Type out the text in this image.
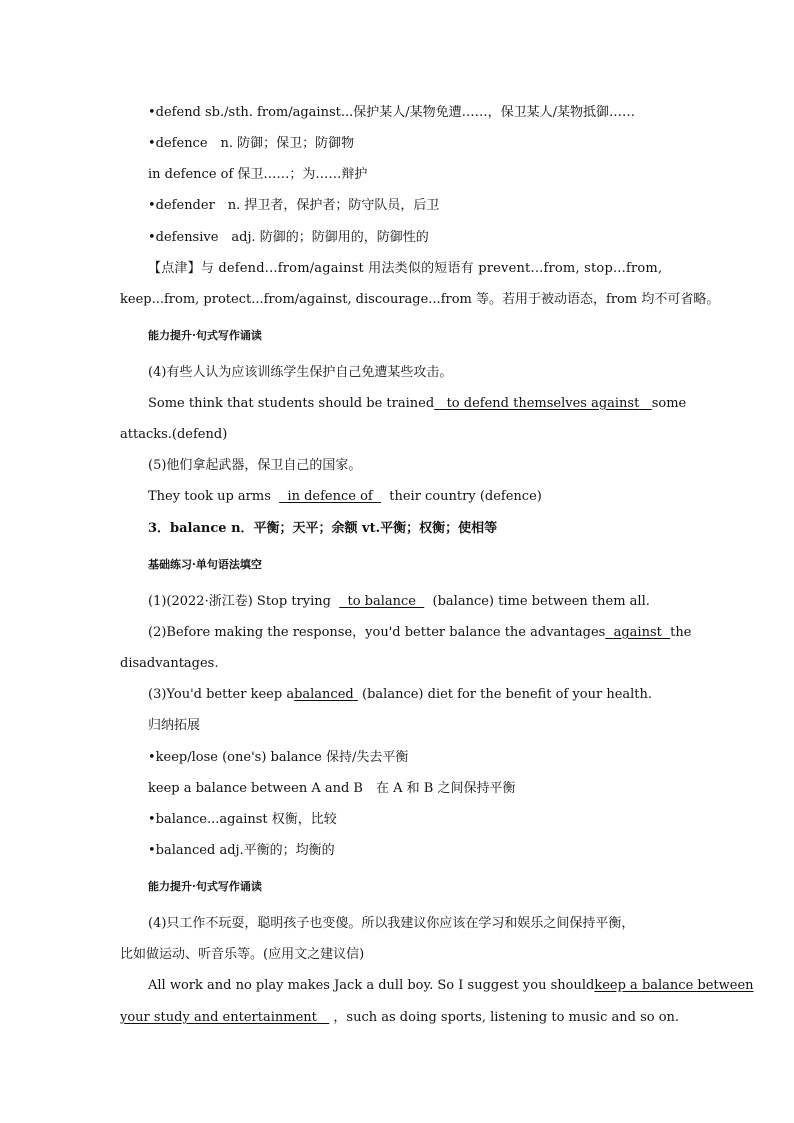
•defend sb./sth. from/against...保护某人/某物免遭……，保卫某人/某物抵御……
•defence　n. 防御；保卫；防御物
in defence of 保卫……；为……辩护
•defender　n. 捍卫者，保护者；防守队员，后卫
•defensive　adj. 防御的；防御用的，防御性的
【点津】与 defend...from/against 用法类似的短语有 prevent...from, stop...from,
keep...from, protect...from/against, discourage...from 等。若用于被动语态，from 均不可省略。
能力提升·句式写作诵读
(4)有些人认为应该训练学生保护自己免遭某些攻击。
Some think that students should be trained to defend themselves against some
attacks.(defend)
(5)他们拿起武器，保卫自己的国家。
They took up arms in defence of their country (defence)
3．balance n．平衡；天平；余额 vt.平衡；权衡；使相等
基础练习·单句语法填空
(1)(2022·浙江卷) Stop trying to balance (balance) time between them all.
(2)Before making the response，you'd better balance the advantages against the
disadvantages.
(3)You'd better keep abalanced (balance) diet for the benefit of your health.
归纳拓展
•keep/lose (one's) balance 保持/失去平衡
keep a balance between A and B　在 A 和 B 之间保持平衡
•balance...against 权衡，比较
•balanced adj.平衡的；均衡的
能力提升·句式写作诵读
(4)只工作不玩耍，聪明孩子也变傻。所以我建议你应该在学习和娱乐之间保持平衡，
比如做运动、听音乐等。(应用文之建议信)
All work and no play makes Jack a dull boy. So I suggest you should keep a balance between
your study and entertainment ，such as doing sports, listening to music and so on.
